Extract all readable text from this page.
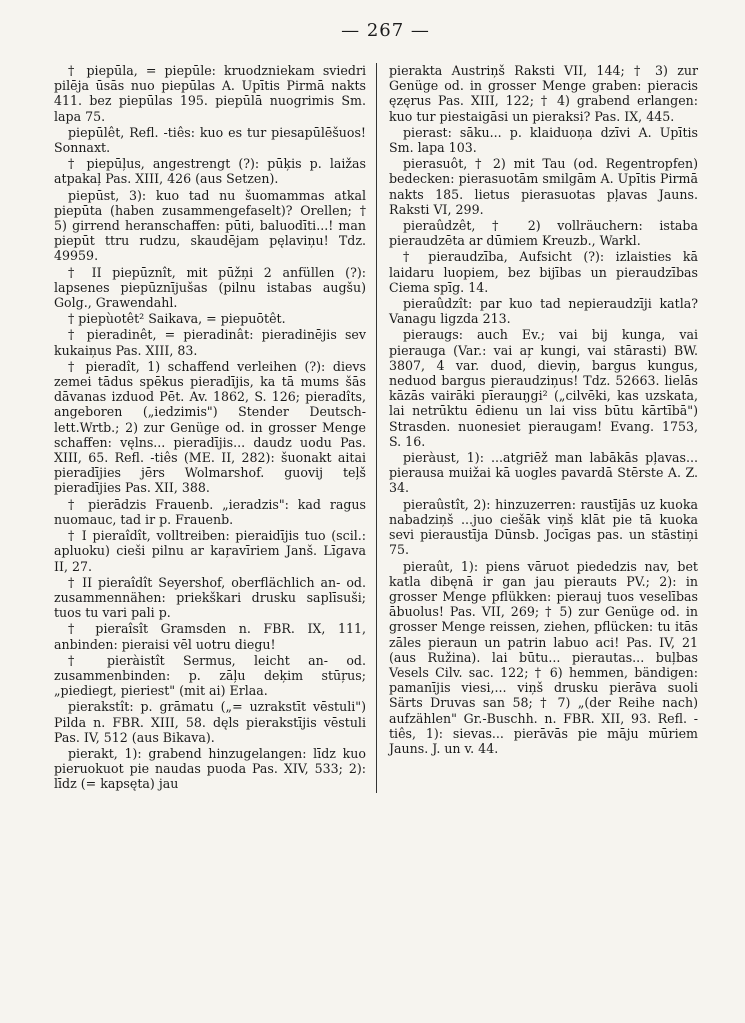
— 267 —

† piepūla, = piepūle: kruodzniekam sviedri pilēja ūsās nuo piepūlas A. Upītis Pirmā nakts 411. bez piepūlas 195. piepūlā nuogrimis Sm. lapa 75.

piepūlêt, Refl. -tiês: kuo es tur piesapūlēšuos! Sonnaxt.

† piepūļus, angestrengt (?): pūķis p. laižas atpakaļ Pas. XIII, 426 (aus Setzen).

piepūst, 3): kuo tad nu šuomammas atkal piepūta (haben zusammengefaselt)? Orellen; † 5) girrend heranschaffen: pūti, baluodīti...! man piepūt ttru rudzu, skaudējam pęlaviņu! Tdz. 49959.

† II piepūznît, mit pūžņi 2 anfüllen (?): lapsenes piepūznījušas (pilnu istabas augšu) Golg., Grawendahl.

† piepùotêt² Saikava, = piepuōtêt.

† pieradinêt, = pieradinât: pieradinējis sev kukaiņus Pas. XIII, 83.

† pieradît, 1) schaffend verleihen (?): dievs zemei tādus spēkus pieradījis, ka tā mums šās dāvanas izduod Pēt. Av. 1862, S. 126; pieradîts, angeboren („iedzimis") Stender Deutsch-lett.Wrtb.; 2) zur Genüge od. in grosser Menge schaffen: vęlns... pieradījis... daudz uodu Pas. XIII, 65. Refl. -tiês (ME. II, 282): šuonakt aitai pieradījies jērs Wolmarshof. guovij teļš pieradījies Pas. XII, 388.

† pierādzis Frauenb. „ieradzis": kad ragus nuomauc, tad ir p. Frauenb.

† I pieraîdît, volltreiben: pieraidījis tuo (scil.: apluoku) cieši pilnu ar kaŗavīriem Janš. Līgava II, 27.

† II pieraîdît Seyershof, oberflächlich an- od. zusammennähen: priekškari drusku saplīsuši; tuos tu vari pali p.

† pieraîsît Gramsden n. FBR. IX, 111, anbinden: pieraisi vēl uotru diegu!

† pieràistît Sermus, leicht an- od. zusammenbinden: p. zāļu deķim stūŗus; „piediegt, pieriest" (mit ai) Erlaa.

pierakstît: p. grāmatu („= uzrakstīt vēstuli") Pilda n. FBR. XIII, 58. dęls pierakstījis vēstuli Pas. IV, 512 (aus Bikava).

pierakt, 1): grabend hinzugelangen: līdz kuo pieruokuot pie naudas puoda Pas. XIV, 533; 2): līdz (= kapsęta) jau

pierakta Austriņš Raksti VII, 144; † 3) zur Genüge od. in grosser Menge graben: pieracis ęzęrus Pas. XIII, 122; † 4) grabend erlangen: kuo tur piestaigāsi un pieraksi? Pas. IX, 445.

pierast: sāku... p. klaiduoņa dzīvi A. Upītis Sm. lapa 103.

pierasuôt, † 2) mit Tau (od. Regentropfen) bedecken: pierasuotām smilgām A. Upītis Pirmā nakts 185. lietus pierasuotas pļavas Jauns. Raksti VI, 299.

pieraûdzêt, † 2) vollräuchern: istaba pieraudzēta ar dūmiem Kreuzb., Warkl.

† pieraudzība, Aufsicht (?): izlaisties kā laidaru luopiem, bez bijības un pieraudzības Ciema spīg. 14.

pieraûdzît: par kuo tad nepieraudzīji katla? Vanagu ligzda 213.

pieraugs: auch Ev.; vai bij kunga, vai pierauga (Var.: vai aŗ kungi, vai stārasti) BW. 3807, 4 var. duod, dieviņ, bargus kungus, neduod bargus pieraudziņus! Tdz. 52663. lielās kāzās vairāki pīerauŋgi² („cilvēki, kas uzskata, lai netrūktu ēdienu un lai viss būtu kārtībā") Strasden. nuonesiet pieraugam! Evang. 1753, S. 16.

pieràust, 1): ...atgriēž man labākās pļavas... pierausa muižai kā uogles pavardā Stērste A. Z. 34.

pieraûstît, 2): hinzuzerren: raustījās uz kuoka nabadziņš ...juo ciešāk viņš klāt pie tā kuoka sevi pieraustīja Dūnsb. Jocīgas pas. un stāstiņi 75.

pieraût, 1): piens vāruot piededzis nav, bet katla dibęnā ir gan jau pierauts PV.; 2): in grosser Menge pflükken: pierauj tuos veselības ābuolus! Pas. VII, 269; † 5) zur Genüge od. in grosser Menge reissen, ziehen, pflücken: tu itās zāles pieraun un patrin labuo aci! Pas. IV, 21 (aus Ružina). lai būtu... pierautas... buļbas Vesels Cilv. sac. 122; † 6) hemmen, bändigen: pamanījis viesi,... viņš drusku pierāva suoli Särts Druvas san 58; † 7) „(der Reihe nach) aufzählen" Gr.-Buschh. n. FBR. XII, 93. Refl. -tiês, 1): sievas... pierāvās pie māju mūriem Jauns. J. un v. 44.
